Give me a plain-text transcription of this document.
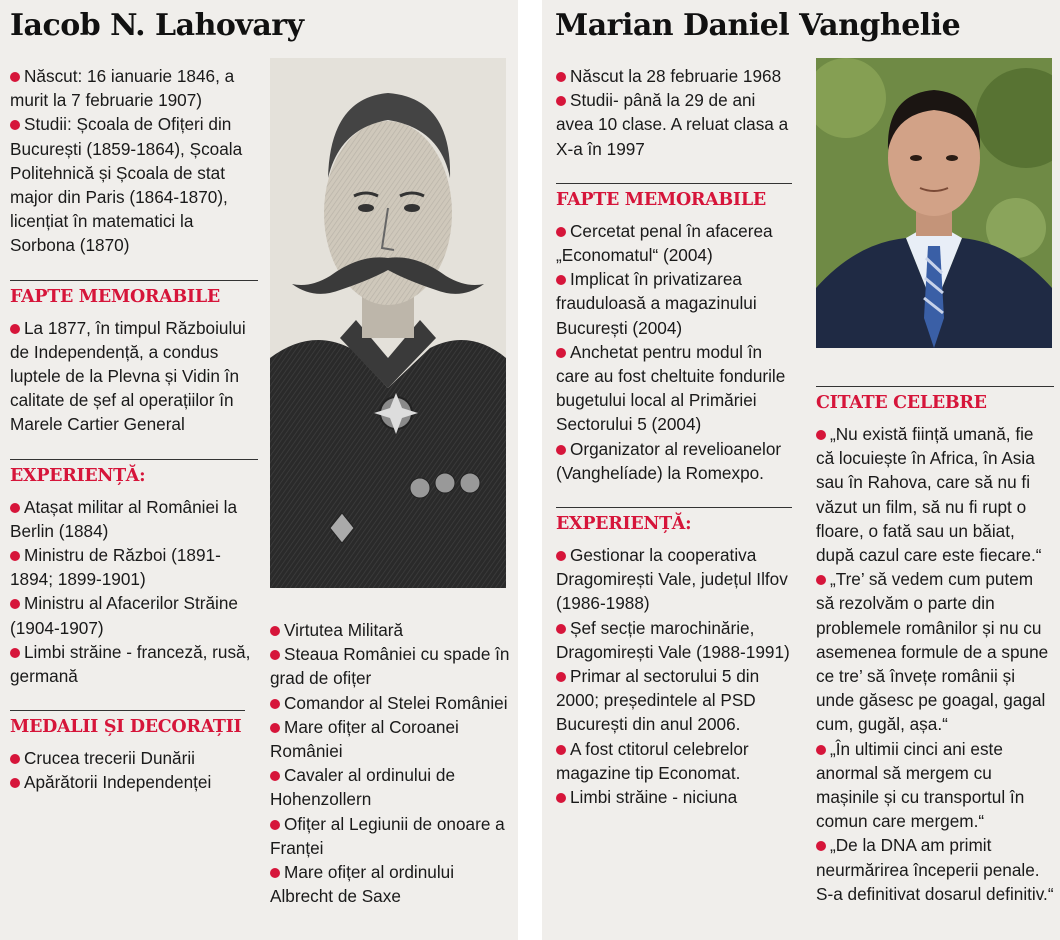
Iacob N. Lahovary

Născut: 16 ianuarie 1846, a murit la 7 februarie 1907)

Studii: Școala de Ofițeri din București (1859-1864), Școala Politehnică și Școala de stat major din Paris (1864-1870), licențiat în matematici la Sorbona (1870)

FAPTE MEMORABILE

La 1877, în timpul Războiului de Independență, a condus luptele de la Plevna și Vidin în calitate de șef al operațiilor în Marele Cartier General

EXPERIENȚĂ:

Atașat militar al României la Berlin (1884)

Ministru de Război (1891-1894; 1899-1901)

Ministru al Afacerilor Străine (1904-1907)

Limbi străine - franceză, rusă, germană

MEDALII ȘI DECORAȚII

Crucea trecerii Dunării

Apărătorii Independenței

Virtutea Militară

Steaua României cu spade în grad de ofițer

Comandor al Stelei României

Mare ofițer al Coroanei României

Cavaler al ordinului de Hohenzollern

Ofițer al Legiunii de onoare a Franței

Mare ofițer al ordinului Albrecht de Saxe

Marian Daniel Vanghelie

Născut la 28 februarie 1968

Studii- până la 29 de ani avea 10 clase. A reluat clasa a X-a în 1997

FAPTE MEMORABILE

Cercetat penal în afacerea „Economatul“ (2004)

Implicat în privatizarea frauduloasă a magazinului București (2004)

Anchetat pentru modul în care au fost cheltuite fondurile bugetului local al Primăriei Sectorului 5 (2004)

Organizator al revelioanelor (Vanghelíade) la Romexpo.

EXPERIENȚĂ:

Gestionar la cooperativa Dragomirești Vale, județul Ilfov (1986-1988)

Șef secție marochinărie, Dragomirești Vale (1988-1991)

Primar al sectorului 5 din 2000; președintele al PSD București din anul 2006.

A fost ctitorul celebrelor magazine tip Economat.

Limbi străine - niciuna

CITATE CELEBRE

„Nu există ființă umană, fie că locuiește în Africa, în Asia sau în Rahova, care să nu fi văzut un film, să nu fi rupt o floare, o fată sau un băiat, după cazul care este fiecare.“

„Tre’ să vedem cum putem să rezolvăm o parte din problemele românilor și nu cu asemenea formule de a spune ce tre’ să învețe românii și unde găsesc pe goagal, gagal cum, gugăl, așa.“

„În ultimii cinci ani este anormal să mergem cu mașinile și cu transportul în comun care mergem.“

„De la DNA am primit neurmărirea începerii penale. S-a definitivat dosarul definitiv.“
